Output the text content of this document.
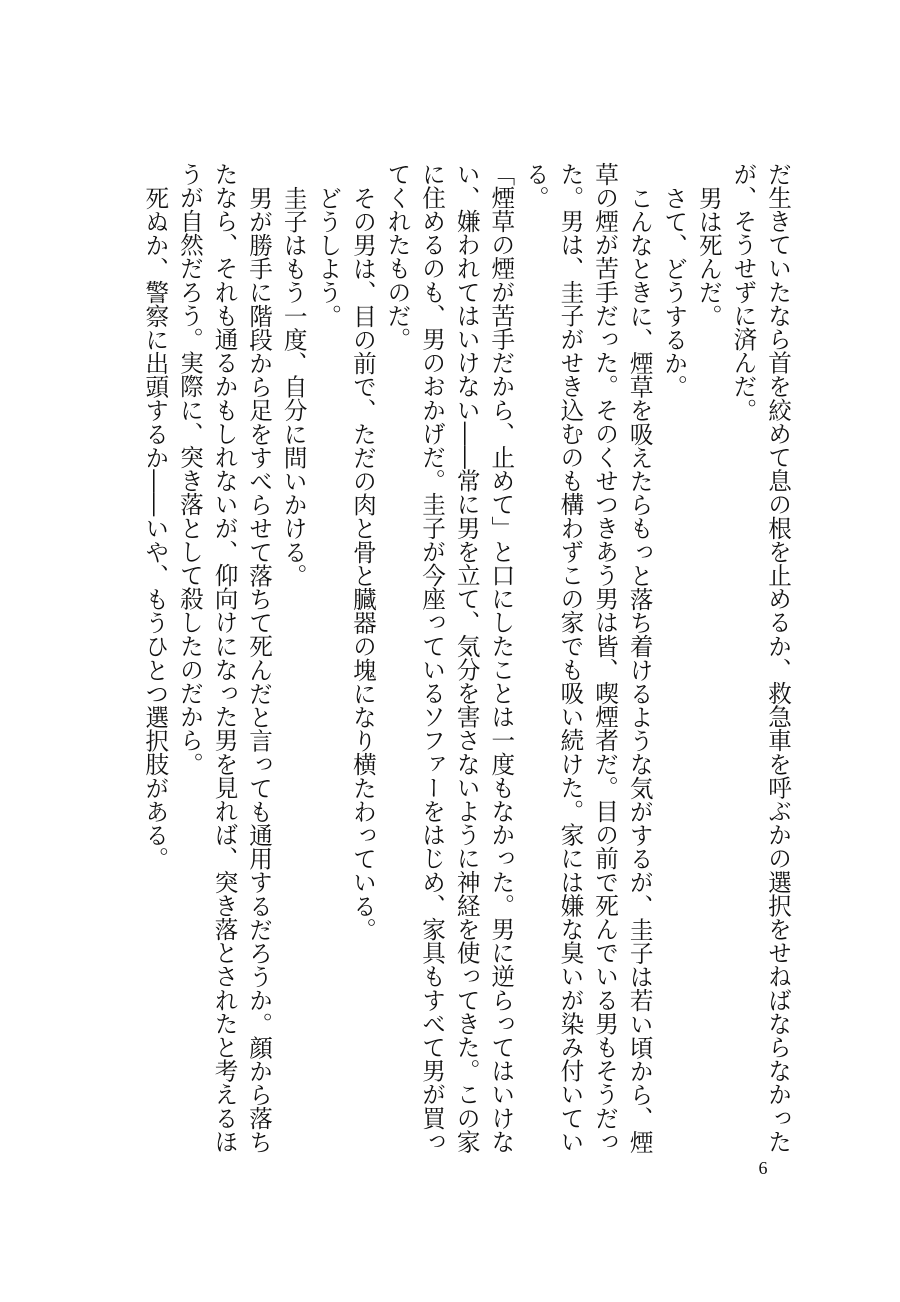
だ生きていたなら首を絞めて息の根を止めるか、救急車を呼ぶかの選択をせねばならなかったが、そうせずに済んだ。

男は死んだ。

さて、どうするか。

こんなときに、煙草を吸えたらもっと落ち着けるような気がするが、圭子は若い頃から、煙草の煙が苦手だった。そのくせつきあう男は皆、喫煙者だ。目の前で死んでいる男もそうだった。男は、圭子がせき込むのも構わずこの家でも吸い続けた。家には嫌な臭いが染み付いている。

「煙草の煙が苦手だから、止めて」と口にしたことは一度もなかった。男に逆らってはいけない、嫌われてはいけない――常に男を立て、気分を害さないように神経を使ってきた。この家に住めるのも、男のおかげだ。圭子が今座っているソファーをはじめ、家具もすべて男が買ってくれたものだ。

その男は、目の前で、ただの肉と骨と臓器の塊になり横たわっている。

どうしよう。

圭子はもう一度、自分に問いかける。

男が勝手に階段から足をすべらせて落ちて死んだと言っても通用するだろうか。顔から落ちたなら、それも通るかもしれないが、仰向けになった男を見れば、突き落とされたと考えるほうが自然だろう。実際に、突き落として殺したのだから。

死ぬか、警察に出頭するか――いや、もうひとつ選択肢がある。

6
